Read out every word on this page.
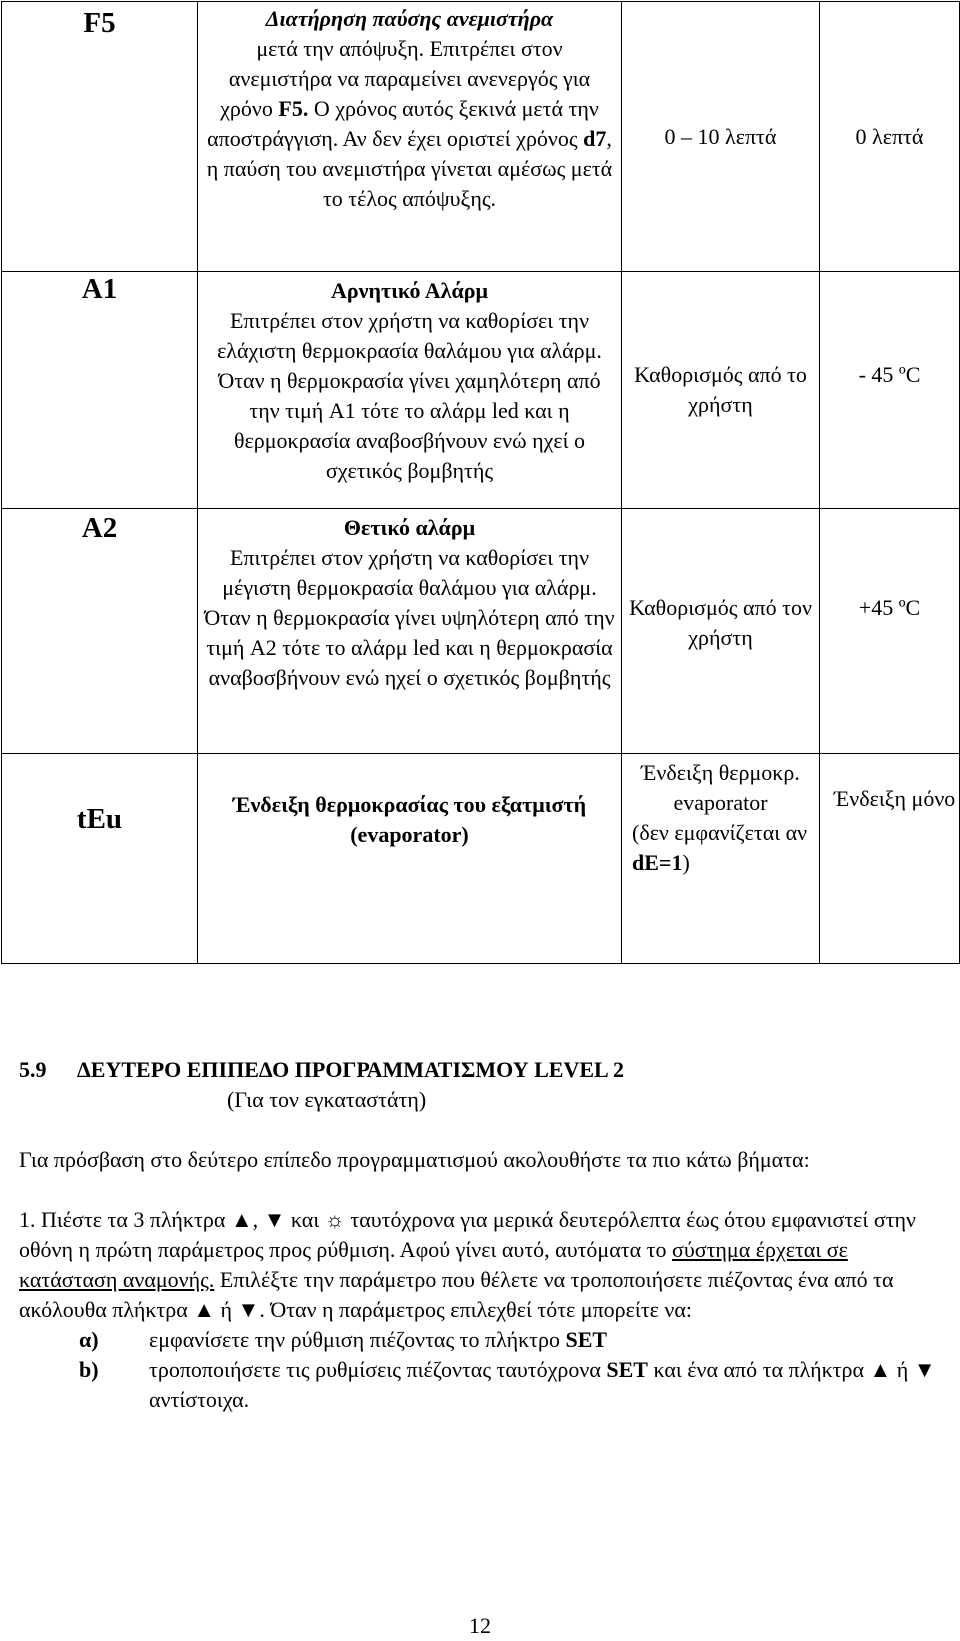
F5	Διατήρηση παύσης ανεμιστήρα
μετά την απόψυξη. Επιτρέπει στον ανεμιστήρα να παραμείνει ανενεργός για χρόνο F5. Ο χρόνος αυτός ξεκινά μετά την αποστράγγιση. Αν δεν έχει οριστεί χρόνος d7, η παύση του ανεμιστήρα γίνεται αμέσως μετά το τέλος απόψυξης.	0 – 10 λεπτά	0 λεπτά

A1	Αρνητικό Αλάρμ
Επιτρέπει στον χρήστη να καθορίσει την ελάχιστη θερμοκρασία θαλάμου για αλάρμ. Όταν η θερμοκρασία γίνει χαμηλότερη από την τιμή A1 τότε το αλάρμ led και η θερμοκρασία αναβοσβήνουν ενώ ηχεί ο σχετικός βομβητής	Καθορισμός από το χρήστη	- 45 ºC

A2	Θετικό αλάρμ
Επιτρέπει στον χρήστη να καθορίσει την μέγιστη θερμοκρασία θαλάμου για αλάρμ. Όταν η θερμοκρασία γίνει υψηλότερη από την τιμή A2 τότε το αλάρμ led και η θερμοκρασία αναβοσβήνουν ενώ ηχεί ο σχετικός βομβητής	Καθορισμός από τον χρήστη	+45 ºC

tEu	Ένδειξη θερμοκρασίας του εξατμιστή (evaporator)	Ένδειξη θερμοκρ. evaporator
(δεν εμφανίζεται αν dE=1)	Ένδειξη μόνο
5.9 ΔΕΥΤΕΡΟ ΕΠΙΠΕΔΟ ΠΡΟΓΡΑΜΜΑΤΙΣΜΟΥ LEVEL 2
(Για τον εγκαταστάτη)

Για πρόσβαση στο δεύτερο επίπεδο προγραμματισμού ακολουθήστε τα πιο κάτω βήματα:

1. Πιέστε τα 3 πλήκτρα ▲, ▼ και ☼ ταυτόχρονα για μερικά δευτερόλεπτα έως ότου εμφανιστεί στην οθόνη η πρώτη παράμετρος προς ρύθμιση. Αφού γίνει αυτό, αυτόματα το σύστημα έρχεται σε κατάσταση αναμονής. Επιλέξτε την παράμετρο που θέλετε να τροποποιήσετε πιέζοντας ένα από τα ακόλουθα πλήκτρα ▲ ή ▼. Όταν η παράμετρος επιλεχθεί τότε μπορείτε να:

α)	εμφανίσετε την ρύθμιση πιέζοντας το πλήκτρο SET
b)	τροποποιήσετε τις ρυθμίσεις πιέζοντας ταυτόχρονα SET και ένα από τα πλήκτρα ▲ ή ▼ αντίστοιχα.
12
